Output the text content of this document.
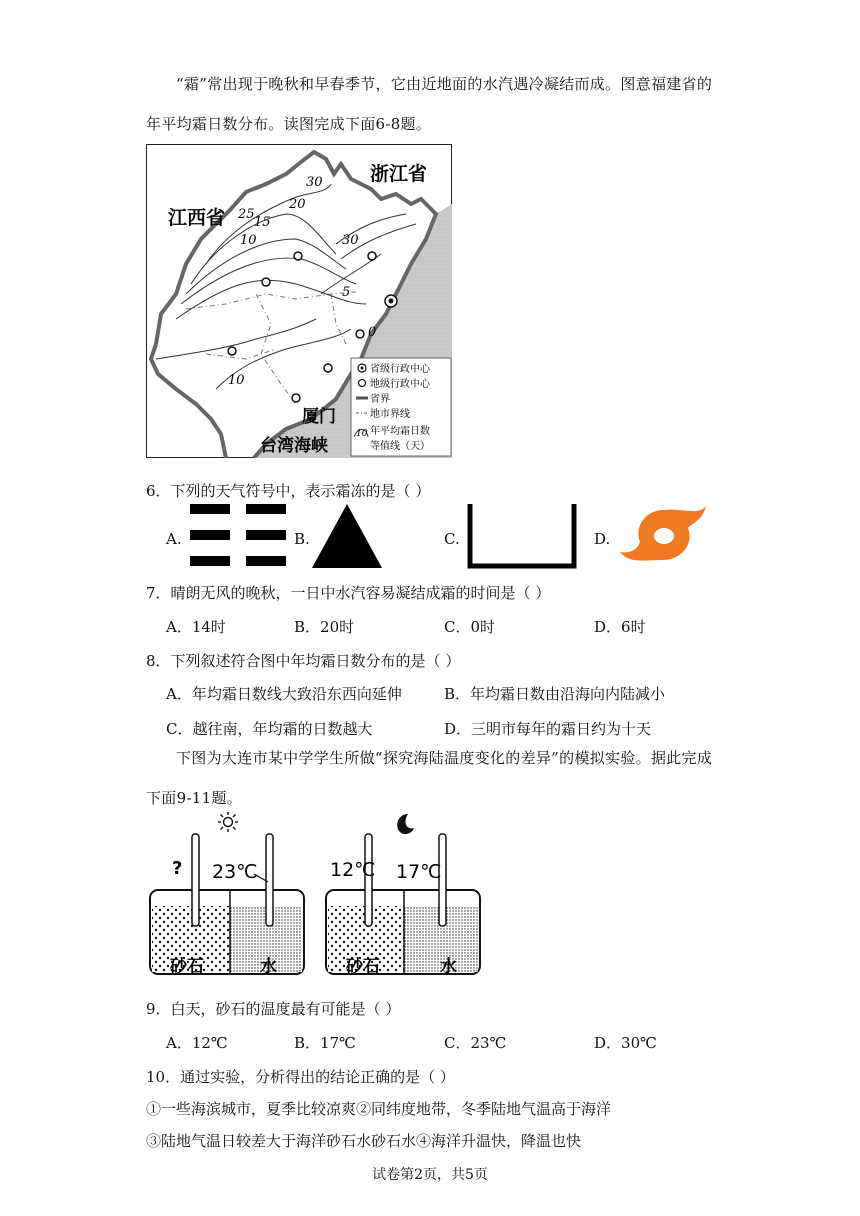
“霜”常出现于晚秋和早春季节，它由近地面的水汽遇冷凝结而成。图意福建省的
年平均霜日数分布。读图完成下面6-8题。
30
25
20
15
10
5
30
0
10
浙江省
江西省
厦门
台湾海峡
省级行政中心
地级行政中心
省界
地市界线
10 年平均霜日数
等值线（天）
6．下列的天气符号中，表示霜冻的是（ ）
A.	B.	C.	D.
7．晴朗无风的晚秋，一日中水汽容易凝结成霜的时间是（ ）
A．14时	B．20时	C．0时	D．6时
8．下列叙述符合图中年均霜日数分布的是（ ）
A．年均霜日数线大致沿东西向延伸	B．年均霜日数由沿海向内陆减小
C．越往南，年均霜的日数越大	D．三明市每年的霜日约为十天
下图为大连市某中学学生所做“探究海陆温度变化的差异”的模拟实验。据此完成
下面9-11题。
? 23℃
砂石	水
12℃ 17℃
砂石	水
9．白天，砂石的温度最有可能是（ ）
A．12℃	B．17℃	C．23℃	D．30℃
10．通过实验，分析得出的结论正确的是（ ）
①一些海滨城市，夏季比较凉爽②同纬度地带，冬季陆地气温高于海洋
③陆地气温日较差大于海洋砂石水砂石水④海洋升温快，降温也快
试卷第2页，共5页
